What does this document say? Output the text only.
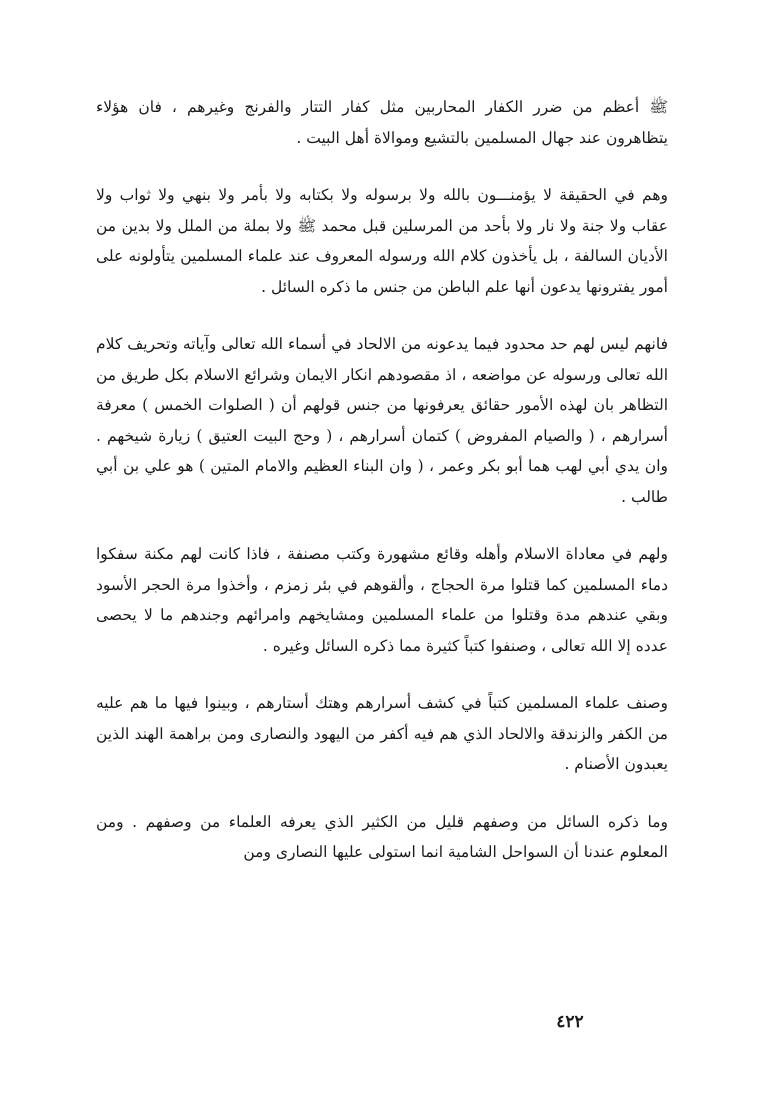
ﷺ أعظم من ضرر الكفار المحاربين مثل كفار التتار والفرنج وغيرهم ، فان هؤلاء يتظاهرون عند جهال المسلمين بالتشيع وموالاة أهل البيت .

وهم في الحقيقة لا يؤمنـــون بالله ولا برسوله ولا بكتابه ولا بأمر ولا بنهي ولا ثواب ولا عقاب ولا جنة ولا نار ولا بأحد من المرسلين قبل محمد ﷺ ولا بملة من الملل ولا بدين من الأديان السالفة ، بل يأخذون كلام الله ورسوله المعروف عند علماء المسلمين يتأولونه على أمور يفترونها يدعون أنها علم الباطن من جنس ما ذكره السائل .

فانهم ليس لهم حد محدود فيما يدعونه من الالحاد في أسماء الله تعالى وآياته وتحريف كلام الله تعالى ورسوله عن مواضعه ، اذ مقصودهم انكار الايمان وشرائع الاسلام بكل طريق من التظاهر بان لهذه الأمور حقائق يعرفونها من جنس قولهم أن ( الصلوات الخمس ) معرفة أسرارهم ، ( والصيام المفروض ) كتمان أسرارهم ، ( وحج البيت العتيق ) زيارة شيخهم . وان يدي أبي لهب هما أبو بكر وعمر ، ( وان البناء العظيم والامام المتين ) هو علي بن أبي طالب .

ولهم في معاداة الاسلام وأهله وقائع مشهورة وكتب مصنفة ، فاذا كانت لهم مكنة سفكوا دماء المسلمين كما قتلوا مرة الحجاج ، وألقوهم في بئر زمزم ، وأخذوا مرة الحجر الأسود وبقي عندهم مدة وقتلوا من علماء المسلمين ومشايخهم وامرائهم وجندهم ما لا يحصى عدده إلا الله تعالى ، وصنفوا كتباً كثيرة مما ذكره السائل وغيره .

وصنف علماء المسلمين كتباً في كشف أسرارهم وهتك أستارهم ، وبينوا فيها ما هم عليه من الكفر والزندقة والالحاد الذي هم فيه أكفر من اليهود والنصارى ومن براهمة الهند الذين يعبدون الأصنام .

وما ذكره السائل من وصفهم قليل من الكثير الذي يعرفه العلماء من وصفهم . ومن المعلوم عندنا أن السواحل الشامية انما استولى عليها النصارى ومن

٤٢٢
